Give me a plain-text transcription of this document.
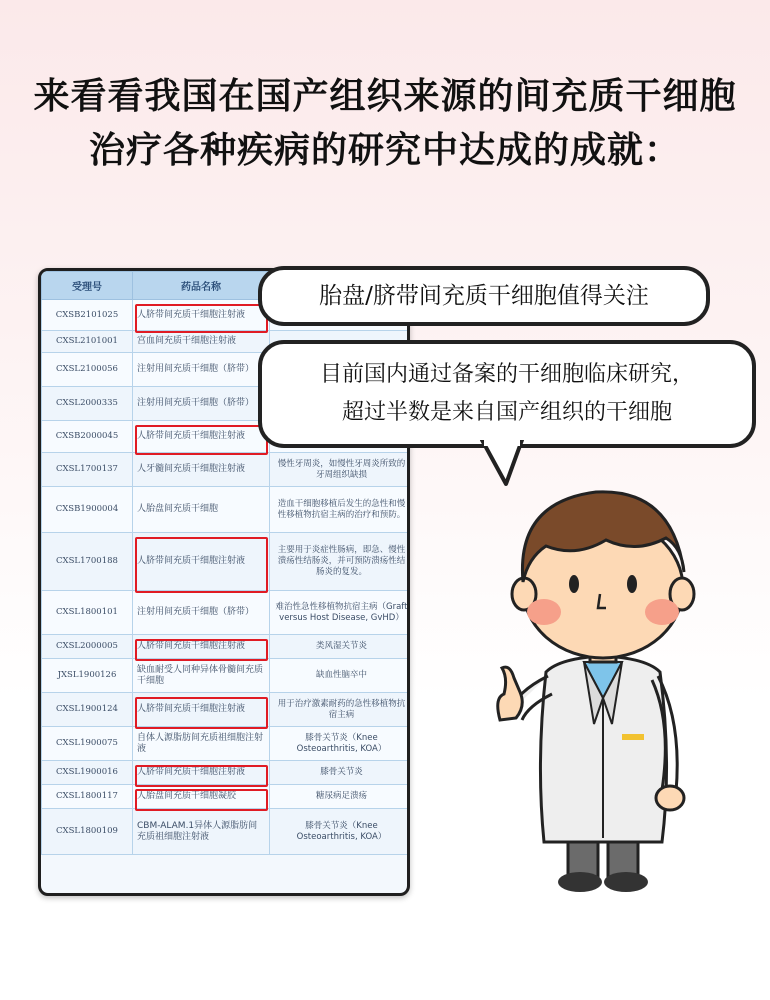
来看看我国在国产组织来源的间充质干细胞
治疗各种疾病的研究中达成的成就：
受理号	药品名称	
CXSB2101025	人脐带间充质干细胞注射液	
CXSL2101001	宫血间充质干细胞注射液	
CXSL2100056	注射用间充质干细胞（脐带）	
CXSL2000335	注射用间充质干细胞（脐带）	
CXSB2000045	人脐带间充质干细胞注射液	
CXSL1700137	人牙髓间充质干细胞注射液	慢性牙周炎，如慢性牙周炎所致的牙周组织缺损
CXSB1900004	人胎盘间充质干细胞	造血干细胞移植后发生的急性和慢性移植物抗宿主病的治疗和预防。
CXSL1700188	人脐带间充质干细胞注射液	主要用于炎症性肠病，即急、慢性溃疡性结肠炎，并可预防溃疡性结肠炎的复发。
CXSL1800101	注射用间充质干细胞（脐带）	难治性急性移植物抗宿主病（Graft versus Host Disease, GvHD）
CXSL2000005	人脐带间充质干细胞注射液	类风湿关节炎
JXSL1900126	缺血耐受人同种异体骨髓间充质干细胞	缺血性脑卒中
CXSL1900124	人脐带间充质干细胞注射液	用于治疗激素耐药的急性移植物抗宿主病
CXSL1900075	自体人源脂肪间充质祖细胞注射液	膝骨关节炎（Knee Osteoarthritis, KOA）
CXSL1900016	人脐带间充质干细胞注射液	膝骨关节炎
CXSL1800117	人胎盘间充质干细胞凝胶	糖尿病足溃疡
CXSL1800109	CBM-ALAM.1异体人源脂肪间充质祖细胞注射液	膝骨关节炎（Knee Osteoarthritis, KOA）
胎盘/脐带间充质干细胞值得关注
目前国内通过备案的干细胞临床研究，
超过半数是来自国产组织的干细胞
